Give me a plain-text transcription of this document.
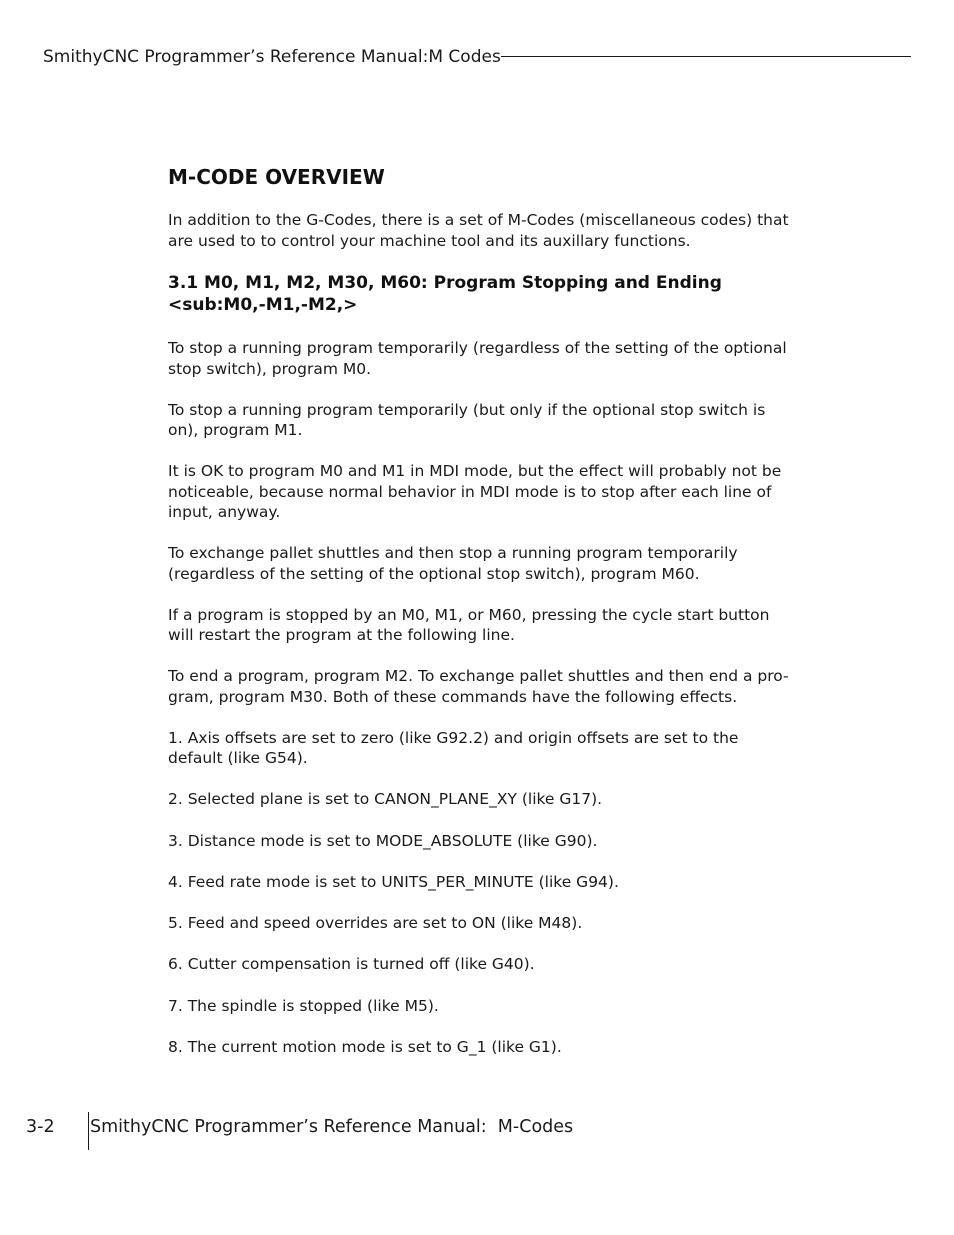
SmithyCNC Programmer’s Reference Manual:M Codes
M-CODE OVERVIEW

In addition to the G-Codes, there is a set of M-Codes (miscellaneous codes) that are used to to control your machine tool and its auxillary functions.

3.1 M0, M1, M2, M30, M60: Program Stopping and Ending
<sub:M0,-M1,-M2,>

To stop a running program temporarily (regardless of the setting of the optional stop switch), program M0.

To stop a running program temporarily (but only if the optional stop switch is on), program M1.

It is OK to program M0 and M1 in MDI mode, but the effect will probably not be noticeable, because normal behavior in MDI mode is to stop after each line of input, anyway.

To exchange pallet shuttles and then stop a running program temporarily (regardless of the setting of the optional stop switch), program M60.

If a program is stopped by an M0, M1, or M60, pressing the cycle start button will restart the program at the following line.

To end a program, program M2. To exchange pallet shuttles and then end a pro-gram, program M30. Both of these commands have the following effects.

1. Axis offsets are set to zero (like G92.2) and origin offsets are set to the default (like G54).

2. Selected plane is set to CANON_PLANE_XY (like G17).

3. Distance mode is set to MODE_ABSOLUTE (like G90).

4. Feed rate mode is set to UNITS_PER_MINUTE (like G94).

5. Feed and speed overrides are set to ON (like M48).

6. Cutter compensation is turned off (like G40).

7. The spindle is stopped (like M5).

8. The current motion mode is set to G_1 (like G1).

3-2 SmithyCNC Programmer’s Reference Manual:  M-Codes
